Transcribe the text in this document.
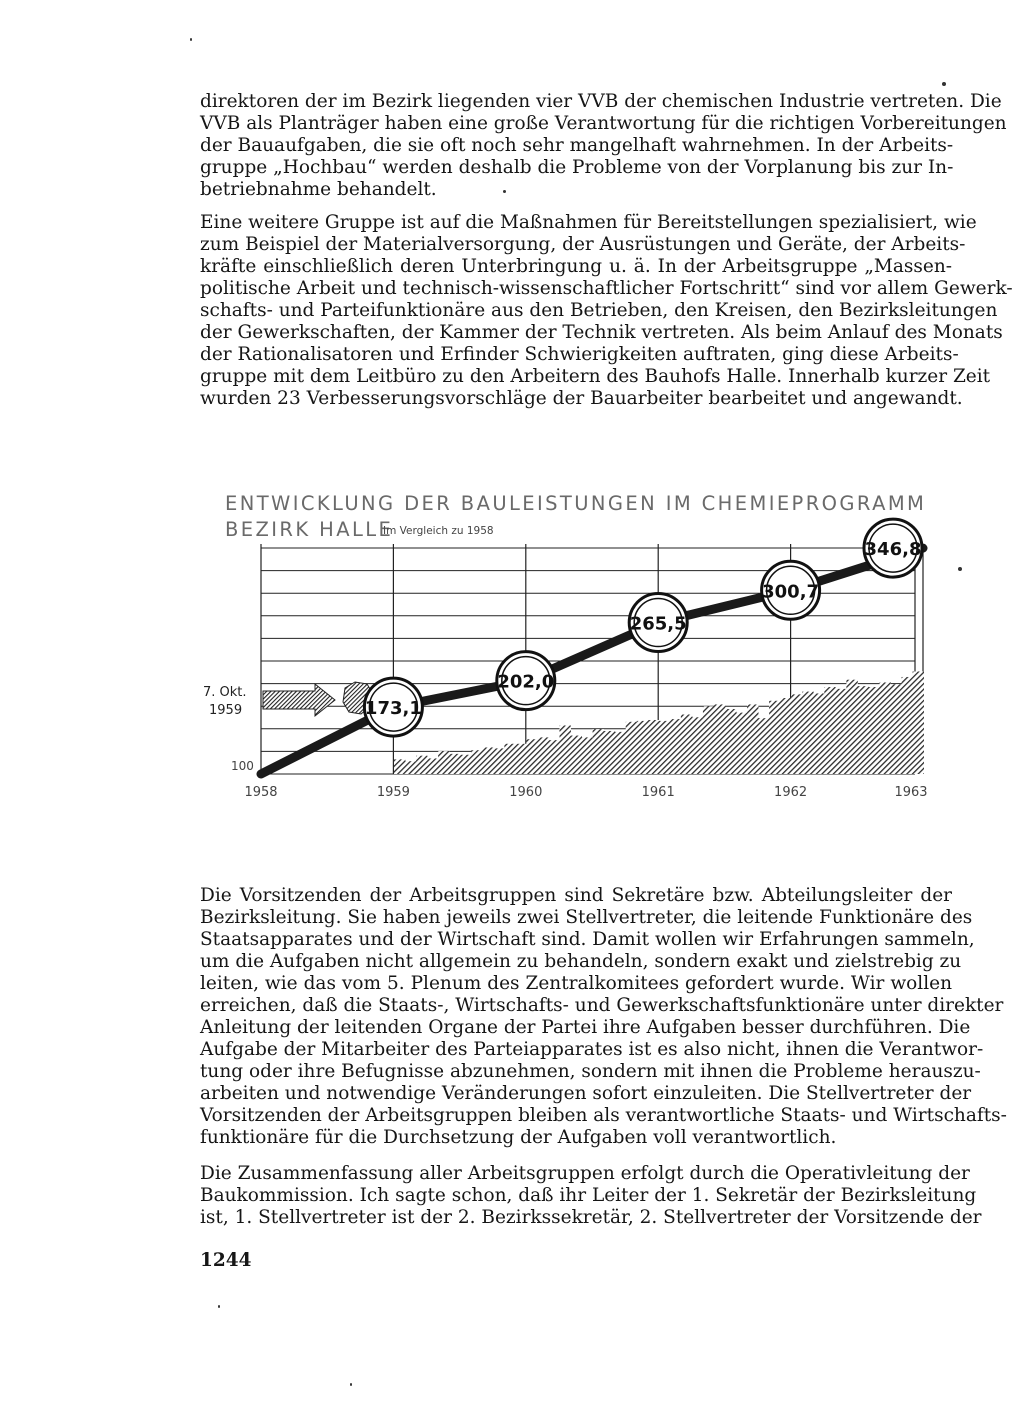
direktoren der im Bezirk liegenden vier VVB der chemischen Industrie vertreten. Die
VVB als Planträger haben eine große Verantwortung für die richtigen Vorbereitungen
der Bauaufgaben, die sie oft noch sehr mangelhaft wahrnehmen. In der Arbeits-
gruppe „Hochbau“ werden deshalb die Probleme von der Vorplanung bis zur In-
betriebnahme behandelt.
Eine weitere Gruppe ist auf die Maßnahmen für Bereitstellungen spezialisiert, wie
zum Beispiel der Materialversorgung, der Ausrüstungen und Geräte, der Arbeits-
kräfte einschließlich deren Unterbringung u. ä. In der Arbeitsgruppe „Massen-
politische Arbeit und technisch-wissenschaftlicher Fortschritt“ sind vor allem Gewerk-
schafts- und Parteifunktionäre aus den Betrieben, den Kreisen, den Bezirksleitungen
der Gewerkschaften, der Kammer der Technik vertreten. Als beim Anlauf des Monats
der Rationalisatoren und Erfinder Schwierigkeiten auftraten, ging diese Arbeits-
gruppe mit dem Leitbüro zu den Arbeitern des Bauhofs Halle. Innerhalb kurzer Zeit
wurden 23 Verbesserungsvorschläge der Bauarbeiter bearbeitet und angewandt.
ENTWICKLUNG DER BAULEISTUNGEN IM CHEMIEPROGRAMM
BEZIRK HALLE
Im Vergleich zu 1958
7. Okt.
1959	173,1
202,0
265,5
300,7
346,8
100
1958	1959	1960	1961	1962	1963
Die Vorsitzenden der Arbeitsgruppen sind Sekretäre bzw. Abteilungsleiter der
Bezirksleitung. Sie haben jeweils zwei Stellvertreter, die leitende Funktionäre des
Staatsapparates und der Wirtschaft sind. Damit wollen wir Erfahrungen sammeln,
um die Aufgaben nicht allgemein zu behandeln, sondern exakt und zielstrebig zu
leiten, wie das vom 5. Plenum des Zentralkomitees gefordert wurde. Wir wollen
erreichen, daß die Staats-, Wirtschafts- und Gewerkschaftsfunktionäre unter direkter
Anleitung der leitenden Organe der Partei ihre Aufgaben besser durchführen. Die
Aufgabe der Mitarbeiter des Parteiapparates ist es also nicht, ihnen die Verantwor-
tung oder ihre Befugnisse abzunehmen, sondern mit ihnen die Probleme herauszu-
arbeiten und notwendige Veränderungen sofort einzuleiten. Die Stellvertreter der
Vorsitzenden der Arbeitsgruppen bleiben als verantwortliche Staats- und Wirtschafts-
funktionäre für die Durchsetzung der Aufgaben voll verantwortlich.
Die Zusammenfassung aller Arbeitsgruppen erfolgt durch die Operativleitung der
Baukommission. Ich sagte schon, daß ihr Leiter der 1. Sekretär der Bezirksleitung
ist, 1. Stellvertreter ist der 2. Bezirkssekretär, 2. Stellvertreter der Vorsitzende der
1244
